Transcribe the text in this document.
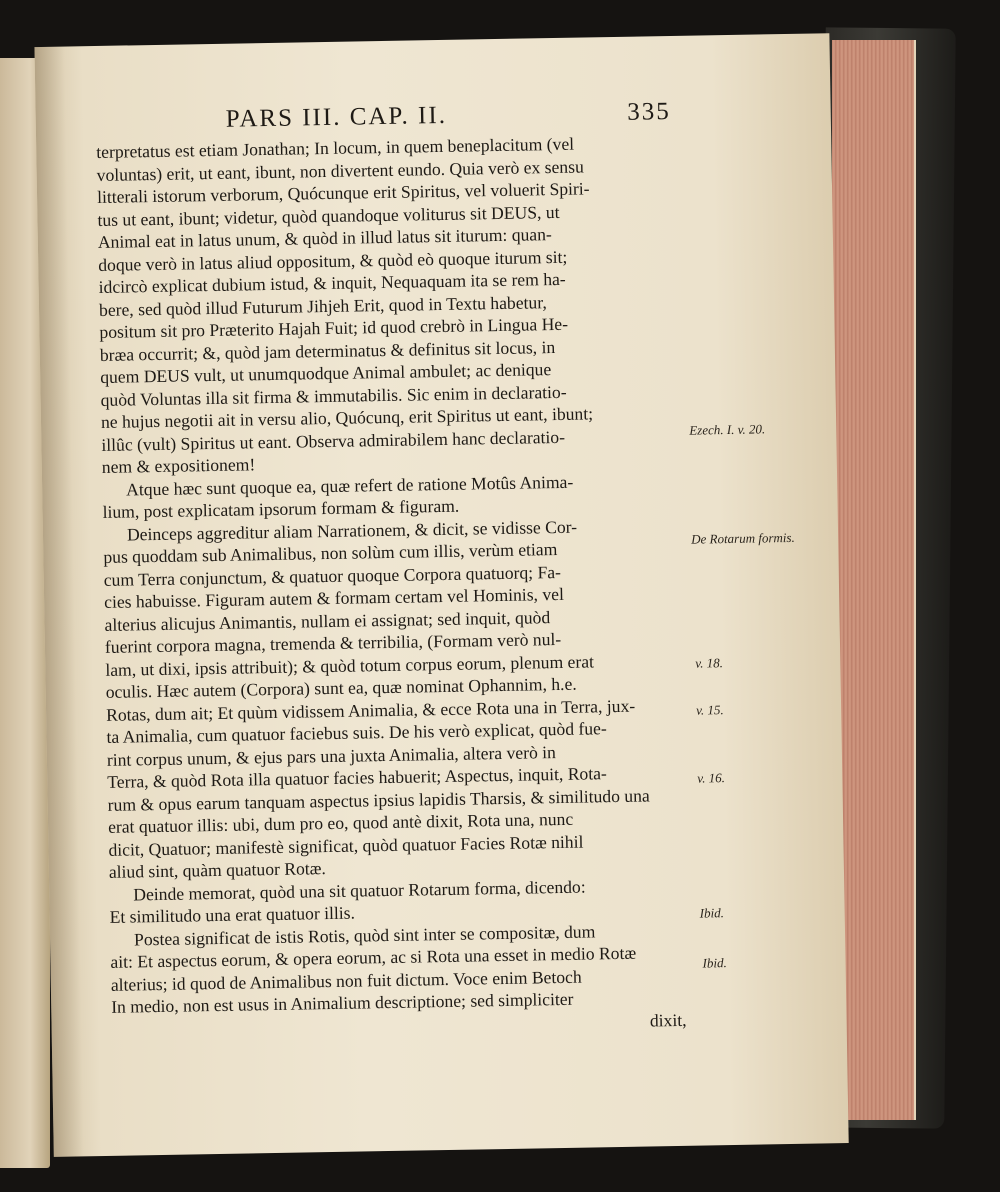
PARS III. CAP. II.	335
terpretatus est etiam Jonathan; In locum, in quem beneplacitum (vel
voluntas) erit, ut eant, ibunt, non divertent eundo. Quia verò ex sensu
litterali istorum verborum, Quócunque erit Spiritus, vel voluerit Spiri-
tus ut eant, ibunt; videtur, quòd quandoque voliturus sit DEUS, ut
Animal eat in latus unum, & quòd in illud latus sit iturum: quan-
doque verò in latus aliud oppositum, & quòd eò quoque iturum sit;
idcircò explicat dubium istud, & inquit, Nequaquam ita se rem ha-
bere, sed quòd illud Futurum Jihjeh Erit, quod in Textu habetur,
positum sit pro Præterito Hajah Fuit; id quod crebrò in Lingua He-
bræa occurrit; &, quòd jam determinatus & definitus sit locus, in
quem DEUS vult, ut unumquodque Animal ambulet; ac denique
quòd Voluntas illa sit firma & immutabilis. Sic enim in declaratio-
ne hujus negotii ait in versu alio, Quócunq, erit Spiritus ut eant, ibunt;
illûc (vult) Spiritus ut eant. Observa admirabilem hanc declaratio-
nem & expositionem!
Atque hæc sunt quoque ea, quæ refert de ratione Motûs Anima-
lium, post explicatam ipsorum formam & figuram.
Deinceps aggreditur aliam Narrationem, & dicit, se vidisse Cor-
pus quoddam sub Animalibus, non solùm cum illis, verùm etiam
cum Terra conjunctum, & quatuor quoque Corpora quatuorq; Fa-
cies habuisse. Figuram autem & formam certam vel Hominis, vel
alterius alicujus Animantis, nullam ei assignat; sed inquit, quòd
fuerint corpora magna, tremenda & terribilia, (Formam verò nul-
lam, ut dixi, ipsis attribuit); & quòd totum corpus eorum, plenum erat
oculis. Hæc autem (Corpora) sunt ea, quæ nominat Ophannim, h.e.
Rotas, dum ait; Et quùm vidissem Animalia, & ecce Rota una in Terra, jux-
ta Animalia, cum quatuor faciebus suis. De his verò explicat, quòd fue-
rint corpus unum, & ejus pars una juxta Animalia, altera verò in
Terra, & quòd Rota illa quatuor facies habuerit; Aspectus, inquit, Rota-
rum & opus earum tanquam aspectus ipsius lapidis Tharsis, & similitudo una
erat quatuor illis: ubi, dum pro eo, quod antè dixit, Rota una, nunc
dicit, Quatuor; manifestè significat, quòd quatuor Facies Rotæ nihil
aliud sint, quàm quatuor Rotæ.
Deinde memorat, quòd una sit quatuor Rotarum forma, dicendo:
Et similitudo una erat quatuor illis.
Postea significat de istis Rotis, quòd sint inter se compositæ, dum
ait: Et aspectus eorum, & opera eorum, ac si Rota una esset in medio Rotæ
alterius; id quod de Animalibus non fuit dictum. Voce enim Betoch
In medio, non est usus in Animalium descriptione; sed simpliciter
dixit,
Ezech. I. v. 20.
De Rotarum formis.
v. 18.
v. 15.
v. 16.
Ibid.
Ibid.
